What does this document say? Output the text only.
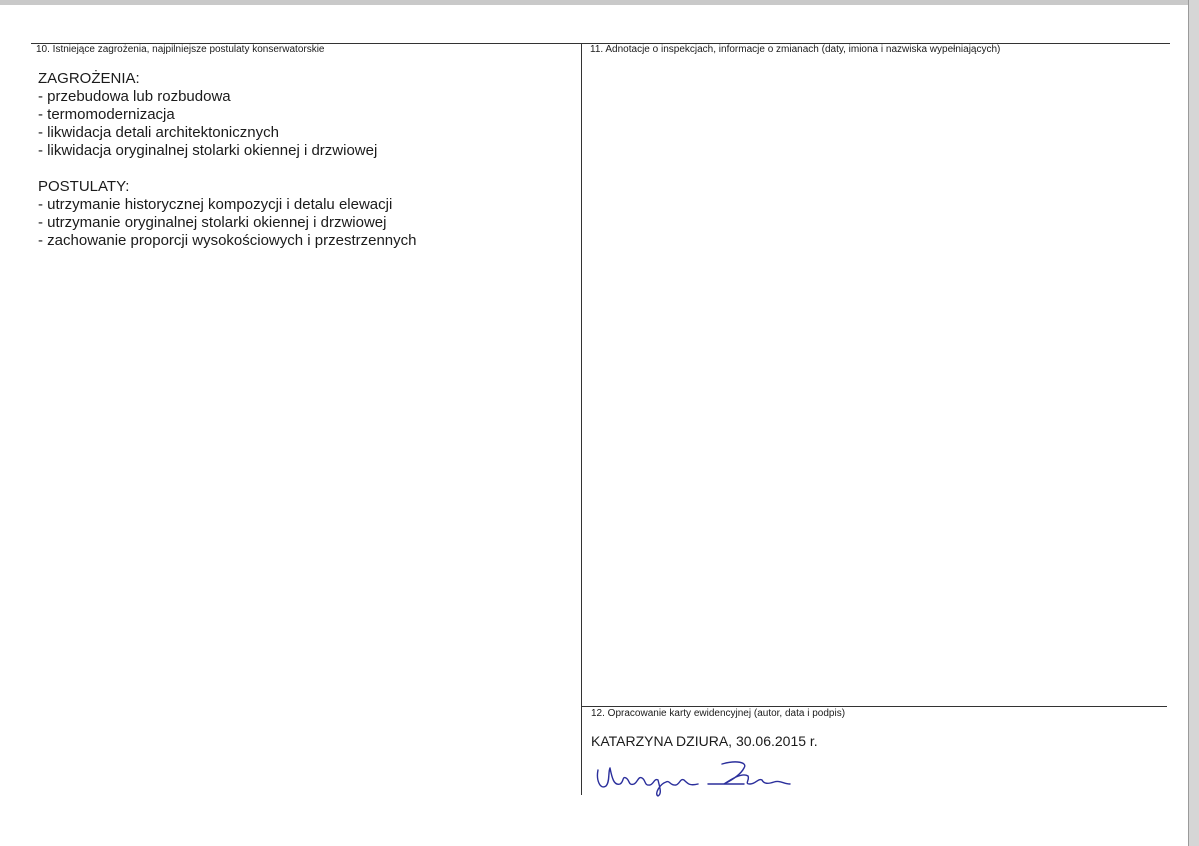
10. Istniejące zagrożenia, najpilniejsze postulaty konserwatorskie
ZAGROŻENIA:
- przebudowa lub rozbudowa
- termomodernizacja
- likwidacja detali architektonicznych
- likwidacja oryginalnej stolarki okiennej i drzwiowej
POSTULATY:
- utrzymanie historycznej kompozycji i detalu elewacji
- utrzymanie oryginalnej stolarki okiennej i drzwiowej
- zachowanie proporcji wysokościowych i przestrzennych
11. Adnotacje o inspekcjach, informacje o zmianach (daty, imiona i nazwiska wypełniających)
12. Opracowanie karty ewidencyjnej (autor, data i podpis)
KATARZYNA DZIURA, 30.06.2015 r.
